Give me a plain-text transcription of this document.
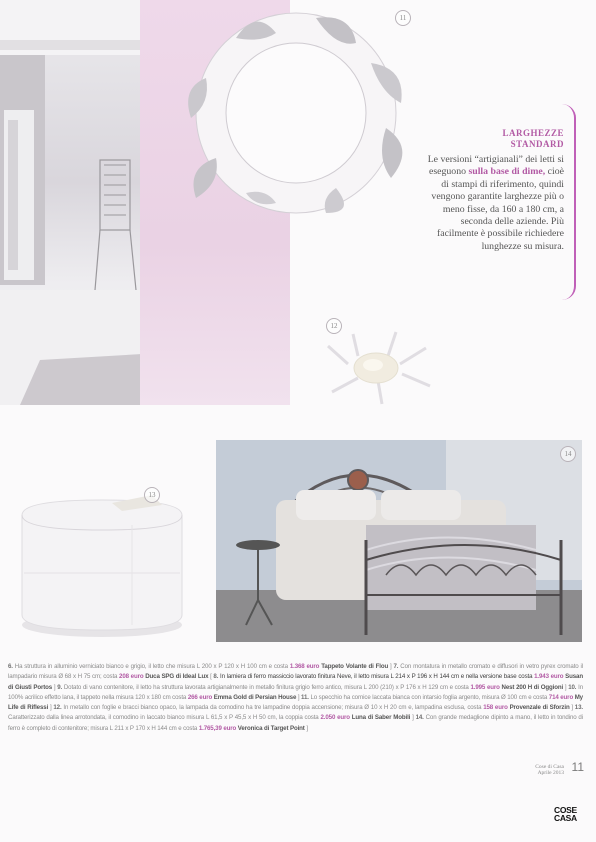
11
12
LARGHEZZE
STANDARD
Le versioni “artigianali” dei letti si eseguono sulla base di dime, cioè di stampi di riferimento, quindi vengono garantite larghezze più o meno fisse, da 160 a 180 cm, a seconda delle aziende. Più facilmente è possibile richiedere lunghezze su misura.
13
14
6. Ha struttura in alluminio verniciato bianco e grigio, il letto che misura L 200 x P 120 x H 100 cm e costa 1.368 euro Tappeto Volante di Flou ] 7. Con montatura in metallo cromato e diffusori in vetro pyrex cromato il lampadario misura Ø 68 x H 75 cm; costa 208 euro Duca SPG di Ideal Lux [ 8. In lamiera di ferro massiccio lavorato finitura Neve, il letto misura L 214 x P 196 x H 144 cm e nella versione base costa 1.943 euro Susan di Giusti Portos ] 9. Dotato di vano contenitore, il letto ha struttura lavorata artigianalmente in metallo finitura grigio ferro antico, misura L 200 (210) x P 176 x H 129 cm e costa 1.995 euro Nest 200 H di Oggioni ] 10. In 100% acrilico effetto lana, il tappeto nella misura 120 x 180 cm costa 266 euro Emma Gold di Persian House ] 11. Lo specchio ha cornice laccata bianca con intarsio foglia argento, misura Ø 100 cm e costa 714 euro My Life di Riflessi ] 12. In metallo con foglie e bracci bianco opaco, la lampada da comodino ha tre lampadine doppia accensione; misura Ø 10 x H 20 cm e, lampadina esclusa, costa 158 euro Provenzale di Sforzin ] 13. Caratterizzato dalla linea arrotondata, il comodino in laccato bianco misura L 61,5 x P 45,5 x H 50 cm, la coppia costa 2.050 euro Luna di Saber Mobili ] 14. Con grande medaglione dipinto a mano, il letto in tondino di ferro è completo di contenitore; misura L 211 x P 170 x H 144 cm e costa 1.765,39 euro Veronica di Target Point ]
Cose di Casa
Aprile 2013 11
COSE
CASA
